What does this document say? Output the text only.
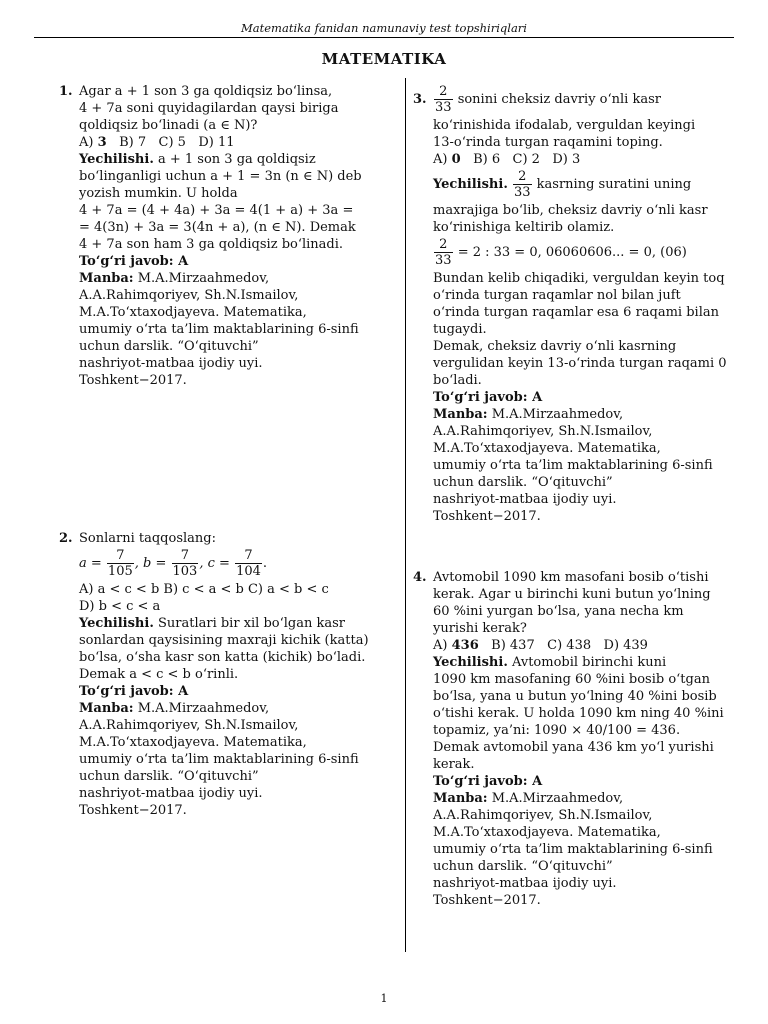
Matematika fanidan namunaviy test topshiriqlari
MATEMATIKA
1. Agar a + 1 son 3 ga qoldiqsiz bo‘linsa,
4 + 7a soni quyidagilardan qaysi biriga
qoldiqsiz bo‘linadi (a ∈ N)?
A) 3 B) 7 C) 5 D) 11
Yechilishi. a + 1 son 3 ga qoldiqsiz
bo‘linganligi uchun a + 1 = 3n (n ∈ N) deb
yozish mumkin. U holda
4 + 7a = (4 + 4a) + 3a = 4(1 + a) + 3a =
= 4(3n) + 3a = 3(4n + a), (n ∈ N). Demak
4 + 7a son ham 3 ga qoldiqsiz bo‘linadi.
To‘g‘ri javob: A
Manba: M.A.Mirzaahmedov,
A.A.Rahimqoriyev, Sh.N.Ismailov,
M.A.To‘xtaxodjayeva. Matematika,
umumiy o‘rta ta’lim maktablarining 6-sinfi
uchun darslik. “O‘qituvchi”
nashriyot-matbaa ijodiy uyi.
Toshkent−2017.
2. Sonlarni taqqoslang:
$a = \frac{7}{105}$ , $b = \frac{7}{103}$ , $c = \frac{7}{104}$ .
A) a < c < b B) c < a < b C) a < b < c
D) b < c < a
Yechilishi. Suratlari bir xil bo‘lgan kasr
sonlardan qaysisining maxraji kichik (katta)
bo‘lsa, o‘sha kasr son katta (kichik) bo‘ladi.
Demak a < c < b o‘rinli.
To‘g‘ri javob: A
Manba: M.A.Mirzaahmedov,
A.A.Rahimqoriyev, Sh.N.Ismailov,
M.A.To‘xtaxodjayeva. Matematika,
umumiy o‘rta ta’lim maktablarining 6-sinfi
uchun darslik. “O‘qituvchi”
nashriyot-matbaa ijodiy uyi.
Toshkent−2017.
3. $\frac{2}{33}$ sonini cheksiz davriy o‘nli kasr
ko‘rinishida ifodalab, verguldan keyingi
13-o‘rinda turgan raqamini toping.
A) 0 B) 6 C) 2 D) 3
Yechilishi. $\frac{2}{33}$ kasrning suratini uning
maxrajiga bo‘lib, cheksiz davriy o‘nli kasr
ko‘rinishiga keltirib olamiz.
$\frac{2}{33} = 2$ : 33 = 0, 06060606... = 0, (06)
Bundan kelib chiqadiki, verguldan keyin toq
o‘rinda turgan raqamlar nol bilan juft
o‘rinda turgan raqamlar esa 6 raqami bilan
tugaydi.
Demak, cheksiz davriy o‘nli kasrning
vergulidan keyin 13-o‘rinda turgan raqami 0
bo‘ladi.
To‘g‘ri javob: A
Manba: M.A.Mirzaahmedov,
A.A.Rahimqoriyev, Sh.N.Ismailov,
M.A.To‘xtaxodjayeva. Matematika,
umumiy o‘rta ta’lim maktablarining 6-sinfi
uchun darslik. “O‘qituvchi”
nashriyot-matbaa ijodiy uyi.
Toshkent−2017.
4. Avtomobil 1090 km masofani bosib o‘tishi
kerak. Agar u birinchi kuni butun yo‘lning
60 %ini yurgan bo‘lsa, yana necha km
yurishi kerak?
A) 436 B) 437 C) 438 D) 439
Yechilishi. Avtomobil birinchi kuni
1090 km masofaning 60 %ini bosib o‘tgan
bo‘lsa, yana u butun yo‘lning 40 %ini bosib
o‘tishi kerak. U holda 1090 km ning 40 %ini
topamiz, ya’ni: 1090 × 40/100 = 436.
Demak avtomobil yana 436 km yo‘l yurishi
kerak.
To‘g‘ri javob: A
Manba: M.A.Mirzaahmedov,
A.A.Rahimqoriyev, Sh.N.Ismailov,
M.A.To‘xtaxodjayeva. Matematika,
umumiy o‘rta ta’lim maktablarining 6-sinfi
uchun darslik. “O‘qituvchi”
nashriyot-matbaa ijodiy uyi.
Toshkent−2017.
1
